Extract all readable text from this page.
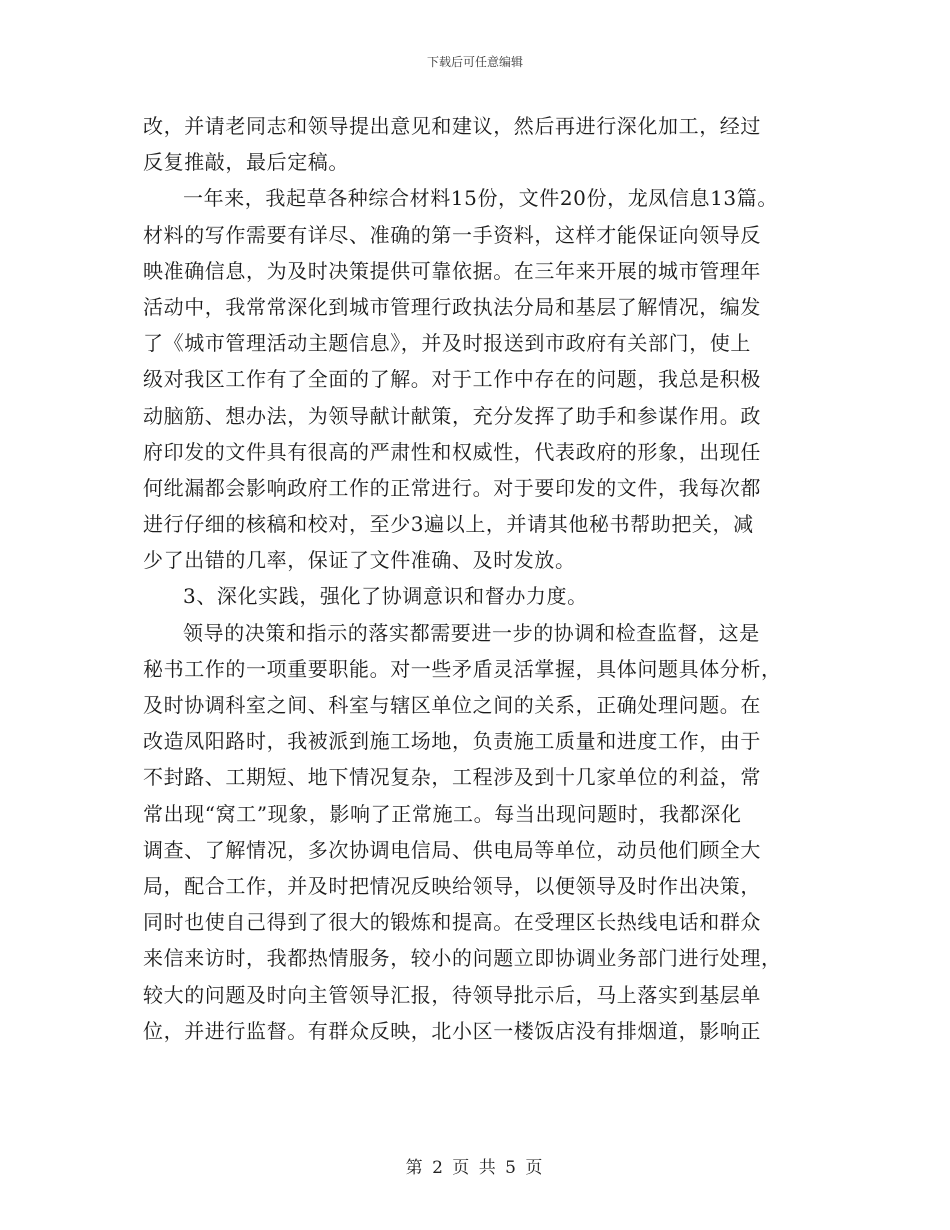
下载后可任意编辑
改，并请老同志和领导提出意见和建议，然后再进行深化加工，经过
反复推敲，最后定稿。
一年来，我起草各种综合材料15份，文件20份，龙凤信息13篇。
材料的写作需要有详尽、准确的第一手资料，这样才能保证向领导反
映准确信息，为及时决策提供可靠依据。在三年来开展的城市管理年
活动中，我常常深化到城市管理行政执法分局和基层了解情况，编发
了《城市管理活动主题信息》，并及时报送到市政府有关部门，使上
级对我区工作有了全面的了解。对于工作中存在的问题，我总是积极
动脑筋、想办法，为领导献计献策，充分发挥了助手和参谋作用。政
府印发的文件具有很高的严肃性和权威性，代表政府的形象，出现任
何纰漏都会影响政府工作的正常进行。对于要印发的文件，我每次都
进行仔细的核稿和校对，至少3遍以上，并请其他秘书帮助把关，减
少了出错的几率，保证了文件准确、及时发放。
3、深化实践，强化了协调意识和督办力度。
领导的决策和指示的落实都需要进一步的协调和检查监督，这是
秘书工作的一项重要职能。对一些矛盾灵活掌握，具体问题具体分析，
及时协调科室之间、科室与辖区单位之间的关系，正确处理问题。在
改造凤阳路时，我被派到施工场地，负责施工质量和进度工作，由于
不封路、工期短、地下情况复杂，工程涉及到十几家单位的利益，常
常出现“窝工”现象，影响了正常施工。每当出现问题时，我都深化
调查、了解情况，多次协调电信局、供电局等单位，动员他们顾全大
局，配合工作，并及时把情况反映给领导，以便领导及时作出决策，
同时也使自己得到了很大的锻炼和提高。在受理区长热线电话和群众
来信来访时，我都热情服务，较小的问题立即协调业务部门进行处理，
较大的问题及时向主管领导汇报，待领导批示后，马上落实到基层单
位，并进行监督。有群众反映，北小区一楼饭店没有排烟道，影响正
第 2 页 共 5 页
